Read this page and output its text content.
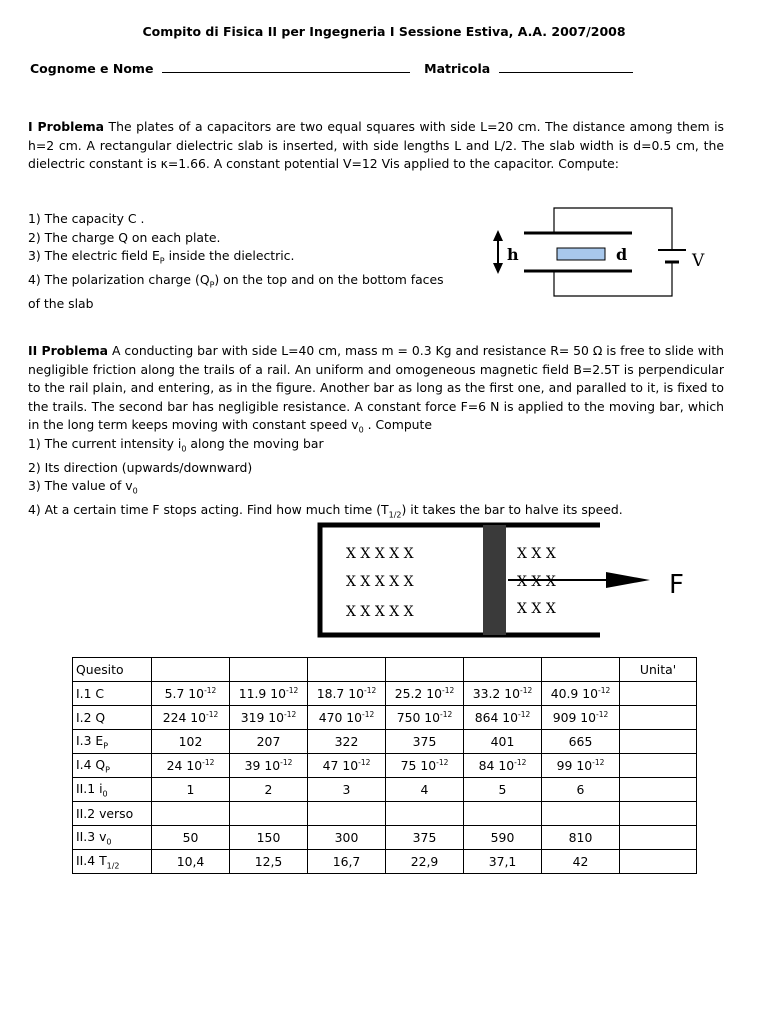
Compito di Fisica II per Ingegneria I Sessione Estiva, A.A. 2007/2008
Cognome e Nome	Matricola
I Problema The plates of a capacitors are two equal squares with side L=20 cm. The distance among them is h=2 cm. A rectangular dielectric slab is inserted, with side lengths L and L/2. The slab width is d=0.5 cm, the dielectric constant is κ=1.66. A constant potential V=12 Vis applied to the capacitor. Compute:
1) The capacity C .
2) The charge Q on each plate.
3) The electric field $E_P$ inside the dielectric.
4) The polarization charge $(Q_P)$ on the top and on the bottom faces
of the slab
h	d	V
II Problema A conducting bar with side L=40 cm, mass m = 0.3 Kg and resistance R= 50 Ω is free to slide with negligible friction along the trails of a rail. An uniform and omogeneous magnetic field B=2.5T is perpendicular to the rail plain, and entering, as in the figure. Another bar as long as the first one, and paralled to it, is fixed to the trails. The second bar has negligible resistance. A constant force F=6 N is applied to the moving bar, which in the long term keeps moving with constant speed $v_0$ . Compute
1) The current intensity $i_0$ along the moving bar
2) Its direction (upwards/downward)
3) The value of $v_0$
4) At a certain time F stops acting. Find how much time $(T_{1/2})$ it takes the bar to halve its speed.
X X X X X
X X X X X
X X X X X
X X X
X X X
X X X
F
Quesito							Unita'
I.1 C	5.7 $10^{-12}$	11.9 $10^{-12}$	18.7 $10^{-12}$	25.2 $10^{-12}$	33.2 $10^{-12}$	40.9 $10^{-12}$	
I.2 Q	224 $10^{-12}$	319 $10^{-12}$	470 $10^{-12}$	750 $10^{-12}$	864 $10^{-12}$	909 $10^{-12}$	
I.3 $E_P$	102	207	322	375	401	665	
I.4 $Q_P$	24 $10^{-12}$	39 $10^{-12}$	47 $10^{-12}$	75 $10^{-12}$	84 $10^{-12}$	99 $10^{-12}$	
II.1 $i_0$	1	2	3	4	5	6	
II.2 verso							
II.3 $v_0$	50	150	300	375	590	810	
II.4 $T_{1/2}$	10,4	12,5	16,7	22,9	37,1	42	
